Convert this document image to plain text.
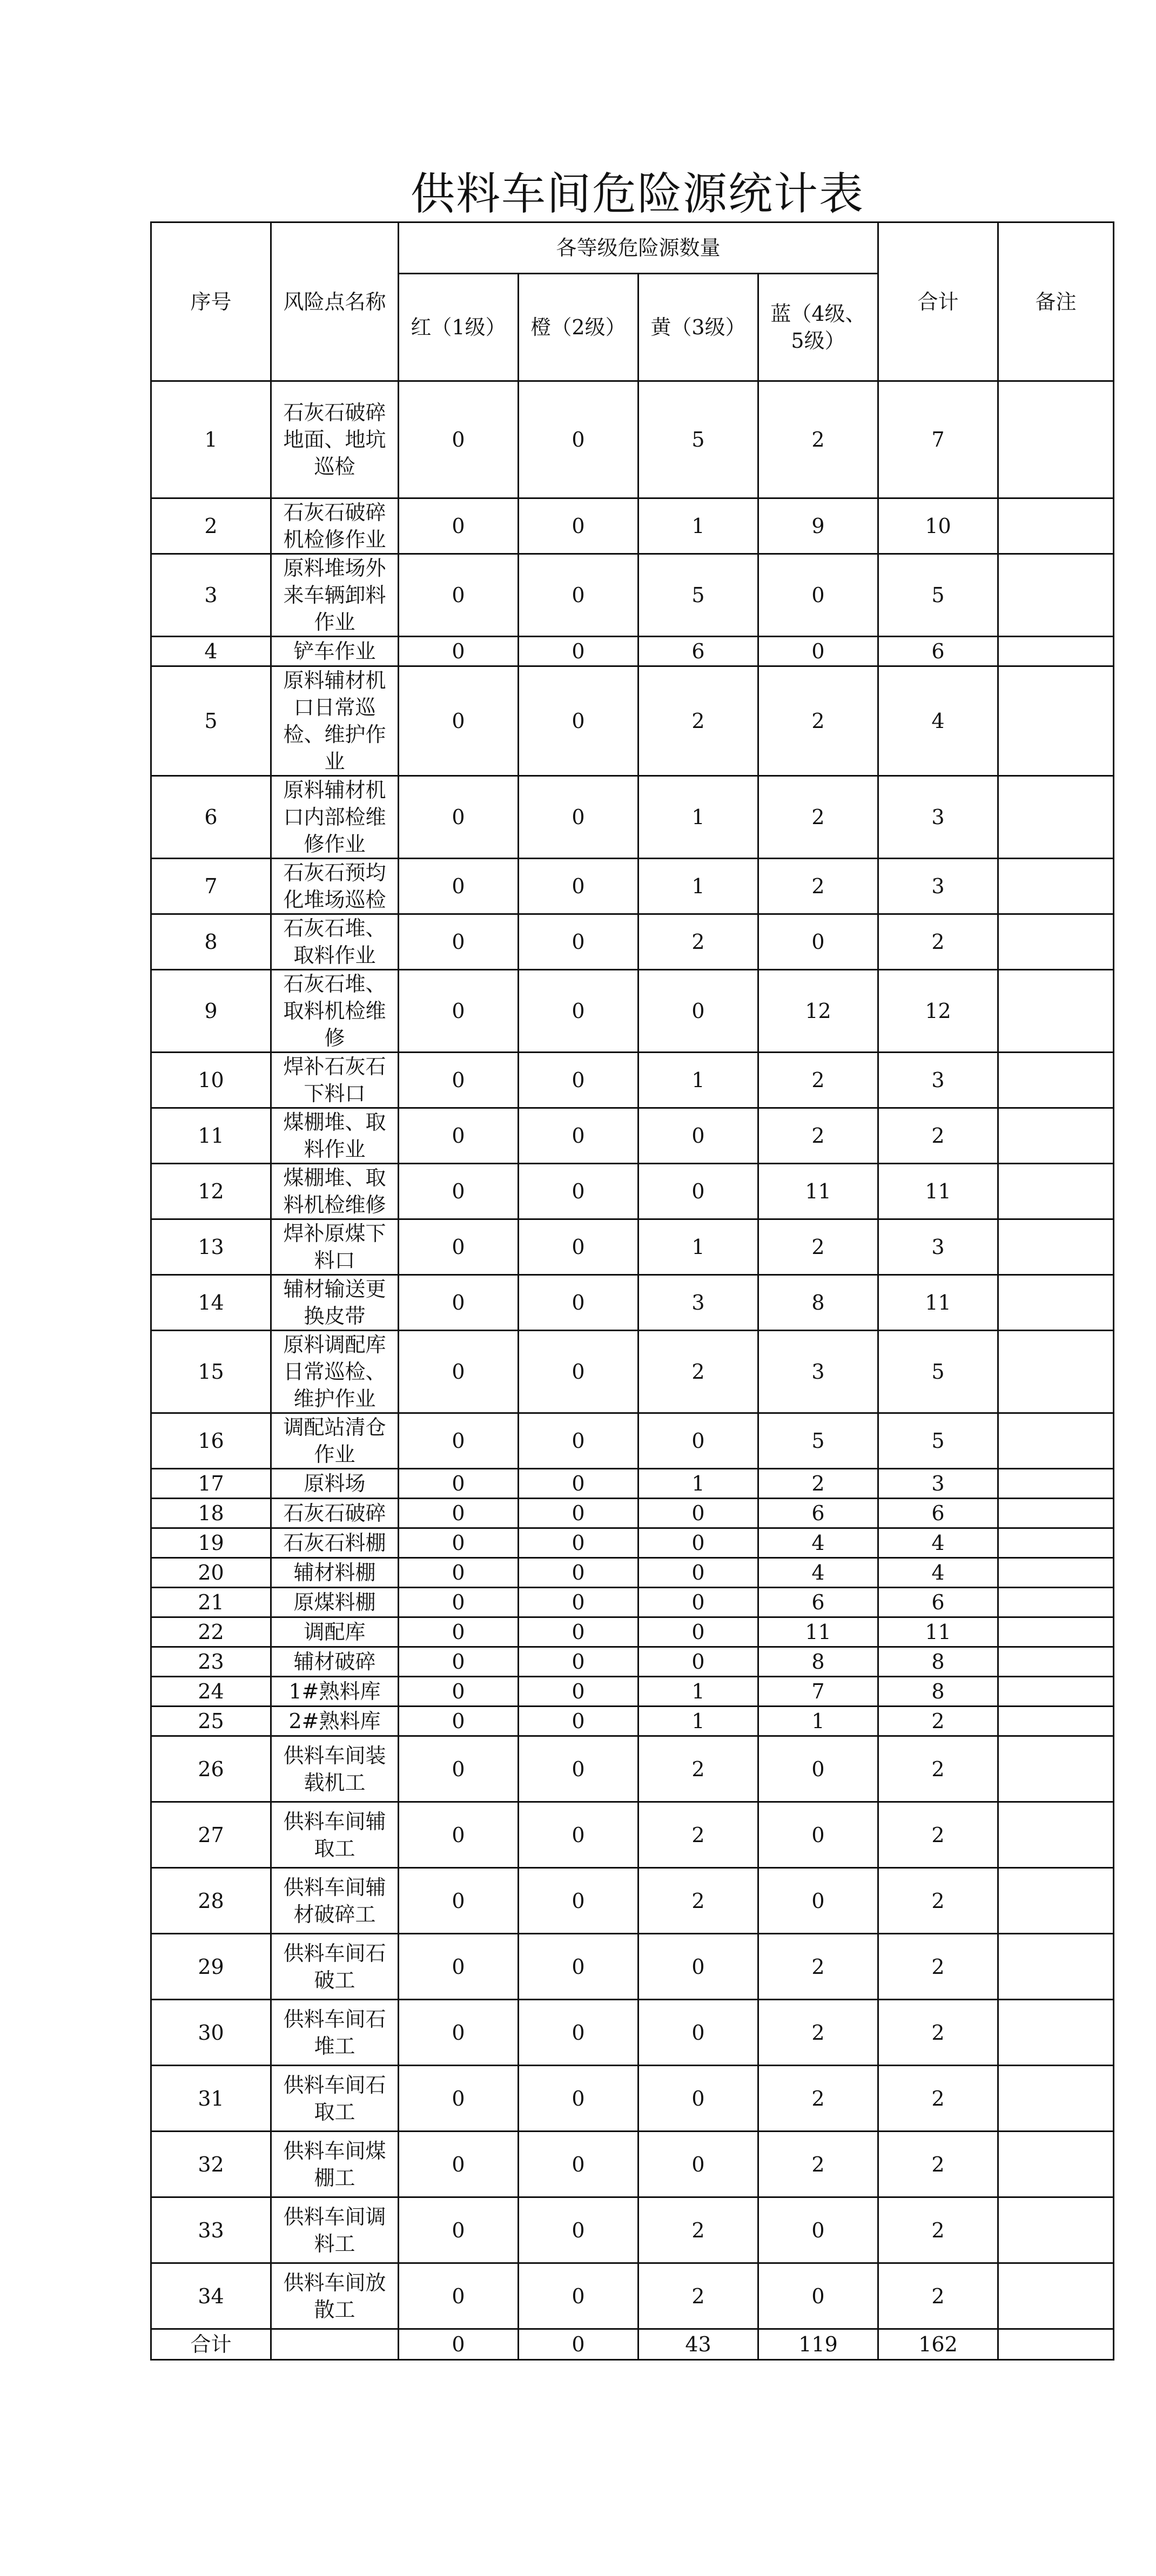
供料车间危险源统计表
序号	风险点名称	各等级危险源数量				合计	备注
		红（1级）	橙（2级）	黄（3级）	蓝（4级、5级）		
1	石灰石破碎地面、地坑巡检	0	0	5	2	7	
2	石灰石破碎机检修作业	0	0	1	9	10	
3	原料堆场外来车辆卸料作业	0	0	5	0	5	
4	铲车作业	0	0	6	0	6	
5	原料辅材机口日常巡检、维护作业	0	0	2	2	4	
6	原料辅材机口内部检维修作业	0	0	1	2	3	
7	石灰石预均化堆场巡检	0	0	1	2	3	
8	石灰石堆、取料作业	0	0	2	0	2	
9	石灰石堆、取料机检维修	0	0	0	12	12	
10	焊补石灰石下料口	0	0	1	2	3	
11	煤棚堆、取料作业	0	0	0	2	2	
12	煤棚堆、取料机检维修	0	0	0	11	11	
13	焊补原煤下料口	0	0	1	2	3	
14	辅材输送更换皮带	0	0	3	8	11	
15	原料调配库日常巡检、维护作业	0	0	2	3	5	
16	调配站清仓作业	0	0	0	5	5	
17	原料场	0	0	1	2	3	
18	石灰石破碎	0	0	0	6	6	
19	石灰石料棚	0	0	0	4	4	
20	辅材料棚	0	0	0	4	4	
21	原煤料棚	0	0	0	6	6	
22	调配库	0	0	0	11	11	
23	辅材破碎	0	0	0	8	8	
24	1#熟料库	0	0	1	7	8	
25	2#熟料库	0	0	1	1	2	
26	供料车间装载机工	0	0	2	0	2	
27	供料车间辅取工	0	0	2	0	2	
28	供料车间辅材破碎工	0	0	2	0	2	
29	供料车间石破工	0	0	0	2	2	
30	供料车间石堆工	0	0	0	2	2	
31	供料车间石取工	0	0	0	2	2	
32	供料车间煤棚工	0	0	0	2	2	
33	供料车间调料工	0	0	2	0	2	
34	供料车间放散工	0	0	2	0	2	
合计		0	0	43	119	162	
